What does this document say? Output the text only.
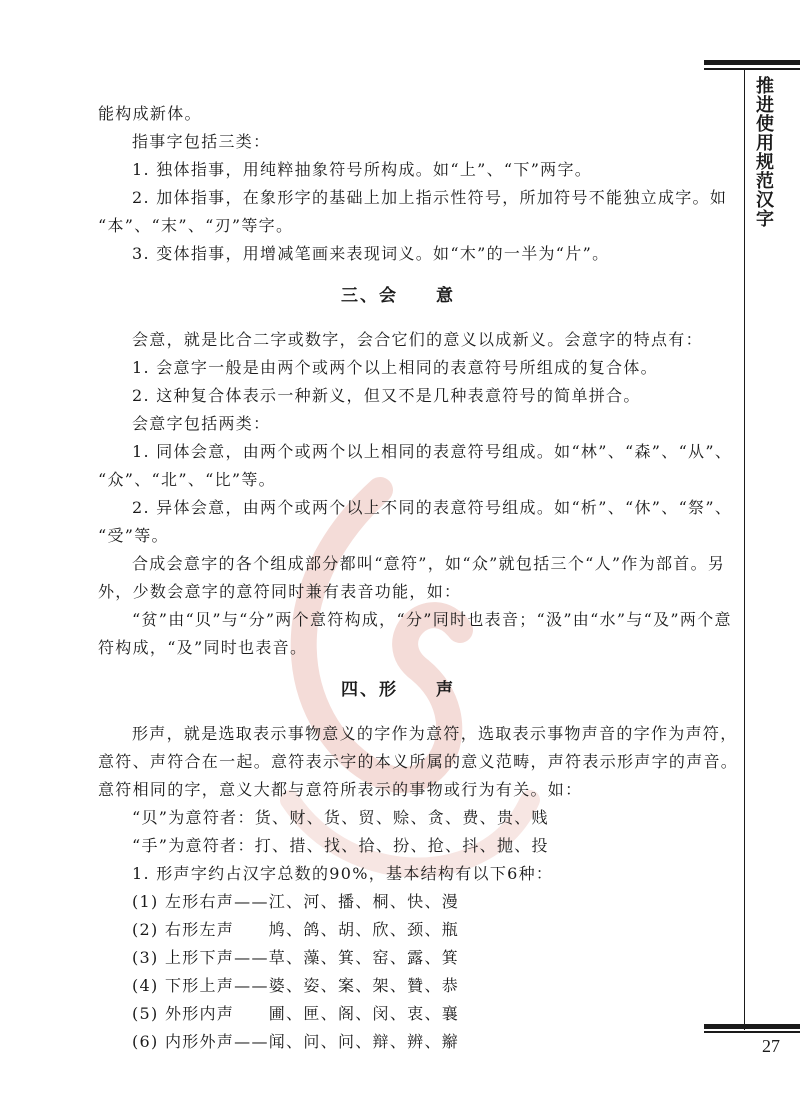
推进使用规范汉字
27
能构成新体。
指事字包括三类：
1. 独体指事，用纯粹抽象符号所构成。如“上”、“下”两字。
2. 加体指事，在象形字的基础上加上指示性符号，所加符号不能独立成字。如
“本”、“末”、“刃”等字。
3. 变体指事，用增减笔画来表现词义。如“木”的一半为“片”。
三、会　　意
会意，就是比合二字或数字，会合它们的意义以成新义。会意字的特点有：
1. 会意字一般是由两个或两个以上相同的表意符号所组成的复合体。
2. 这种复合体表示一种新义，但又不是几种表意符号的简单拼合。
会意字包括两类：
1. 同体会意，由两个或两个以上相同的表意符号组成。如“林”、“森”、“从”、
“众”、“北”、“比”等。
2. 异体会意，由两个或两个以上不同的表意符号组成。如“析”、“休”、“祭”、
“受”等。
合成会意字的各个组成部分都叫“意符”，如“众”就包括三个“人”作为部首。另
外，少数会意字的意符同时兼有表音功能，如：
“贫”由“贝”与“分”两个意符构成，“分”同时也表音；“汲”由“水”与“及”两个意
符构成，“及”同时也表音。
四、形　　声
形声，就是选取表示事物意义的字作为意符，选取表示事物声音的字作为声符，
意符、声符合在一起。意符表示字的本义所属的意义范畴，声符表示形声字的声音。
意符相同的字，意义大都与意符所表示的事物或行为有关。如：
“贝”为意符者：货、财、货、贸、赊、贪、费、贵、贱
“手”为意符者：打、措、找、拾、扮、抢、抖、抛、投
1. 形声字约占汉字总数的90%，基本结构有以下6种：
(1) 左形右声——江、河、播、桐、快、漫
(2) 右形左声　　鸠、鸽、胡、欣、颈、瓶
(3) 上形下声——草、藻、箕、窑、露、箕
(4) 下形上声——婆、姿、案、架、贊、恭
(5) 外形内声　　圃、匣、阁、闵、衷、襄
(6) 内形外声——闻、问、问、辩、辨、辮
